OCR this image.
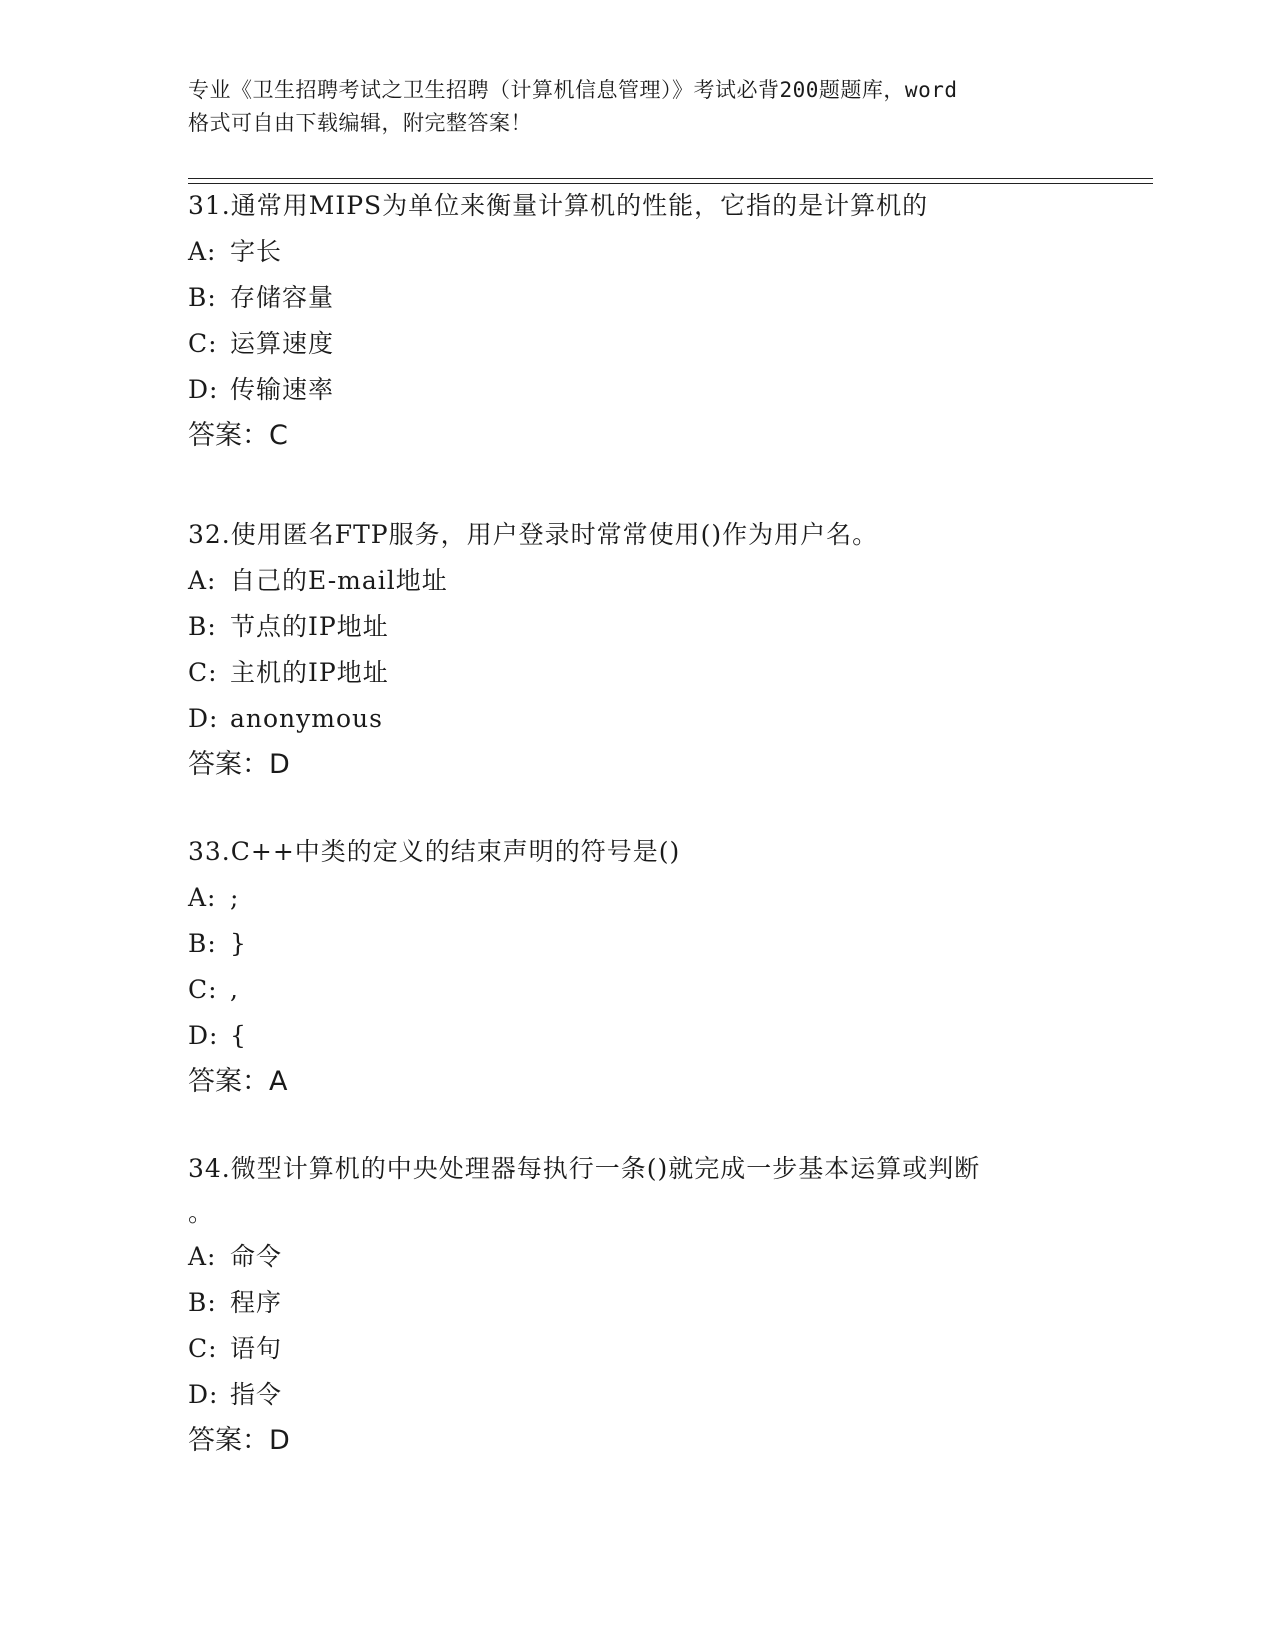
专业《卫生招聘考试之卫生招聘（计算机信息管理）》考试必背200题题库，word
格式可自由下载编辑，附完整答案！
31.通常用MIPS为单位来衡量计算机的性能，它指的是计算机的
A: 字长
B: 存储容量
C: 运算速度
D: 传输速率
答案：C
32.使用匿名FTP服务，用户登录时常常使用()作为用户名。
A: 自己的E-mail地址
B: 节点的IP地址
C: 主机的IP地址
D: anonymous
答案：D
33.C++中类的定义的结束声明的符号是()
A: ;
B: }
C: ,
D: {
答案：A
34.微型计算机的中央处理器每执行一条()就完成一步基本运算或判断
。
A: 命令
B: 程序
C: 语句
D: 指令
答案：D
